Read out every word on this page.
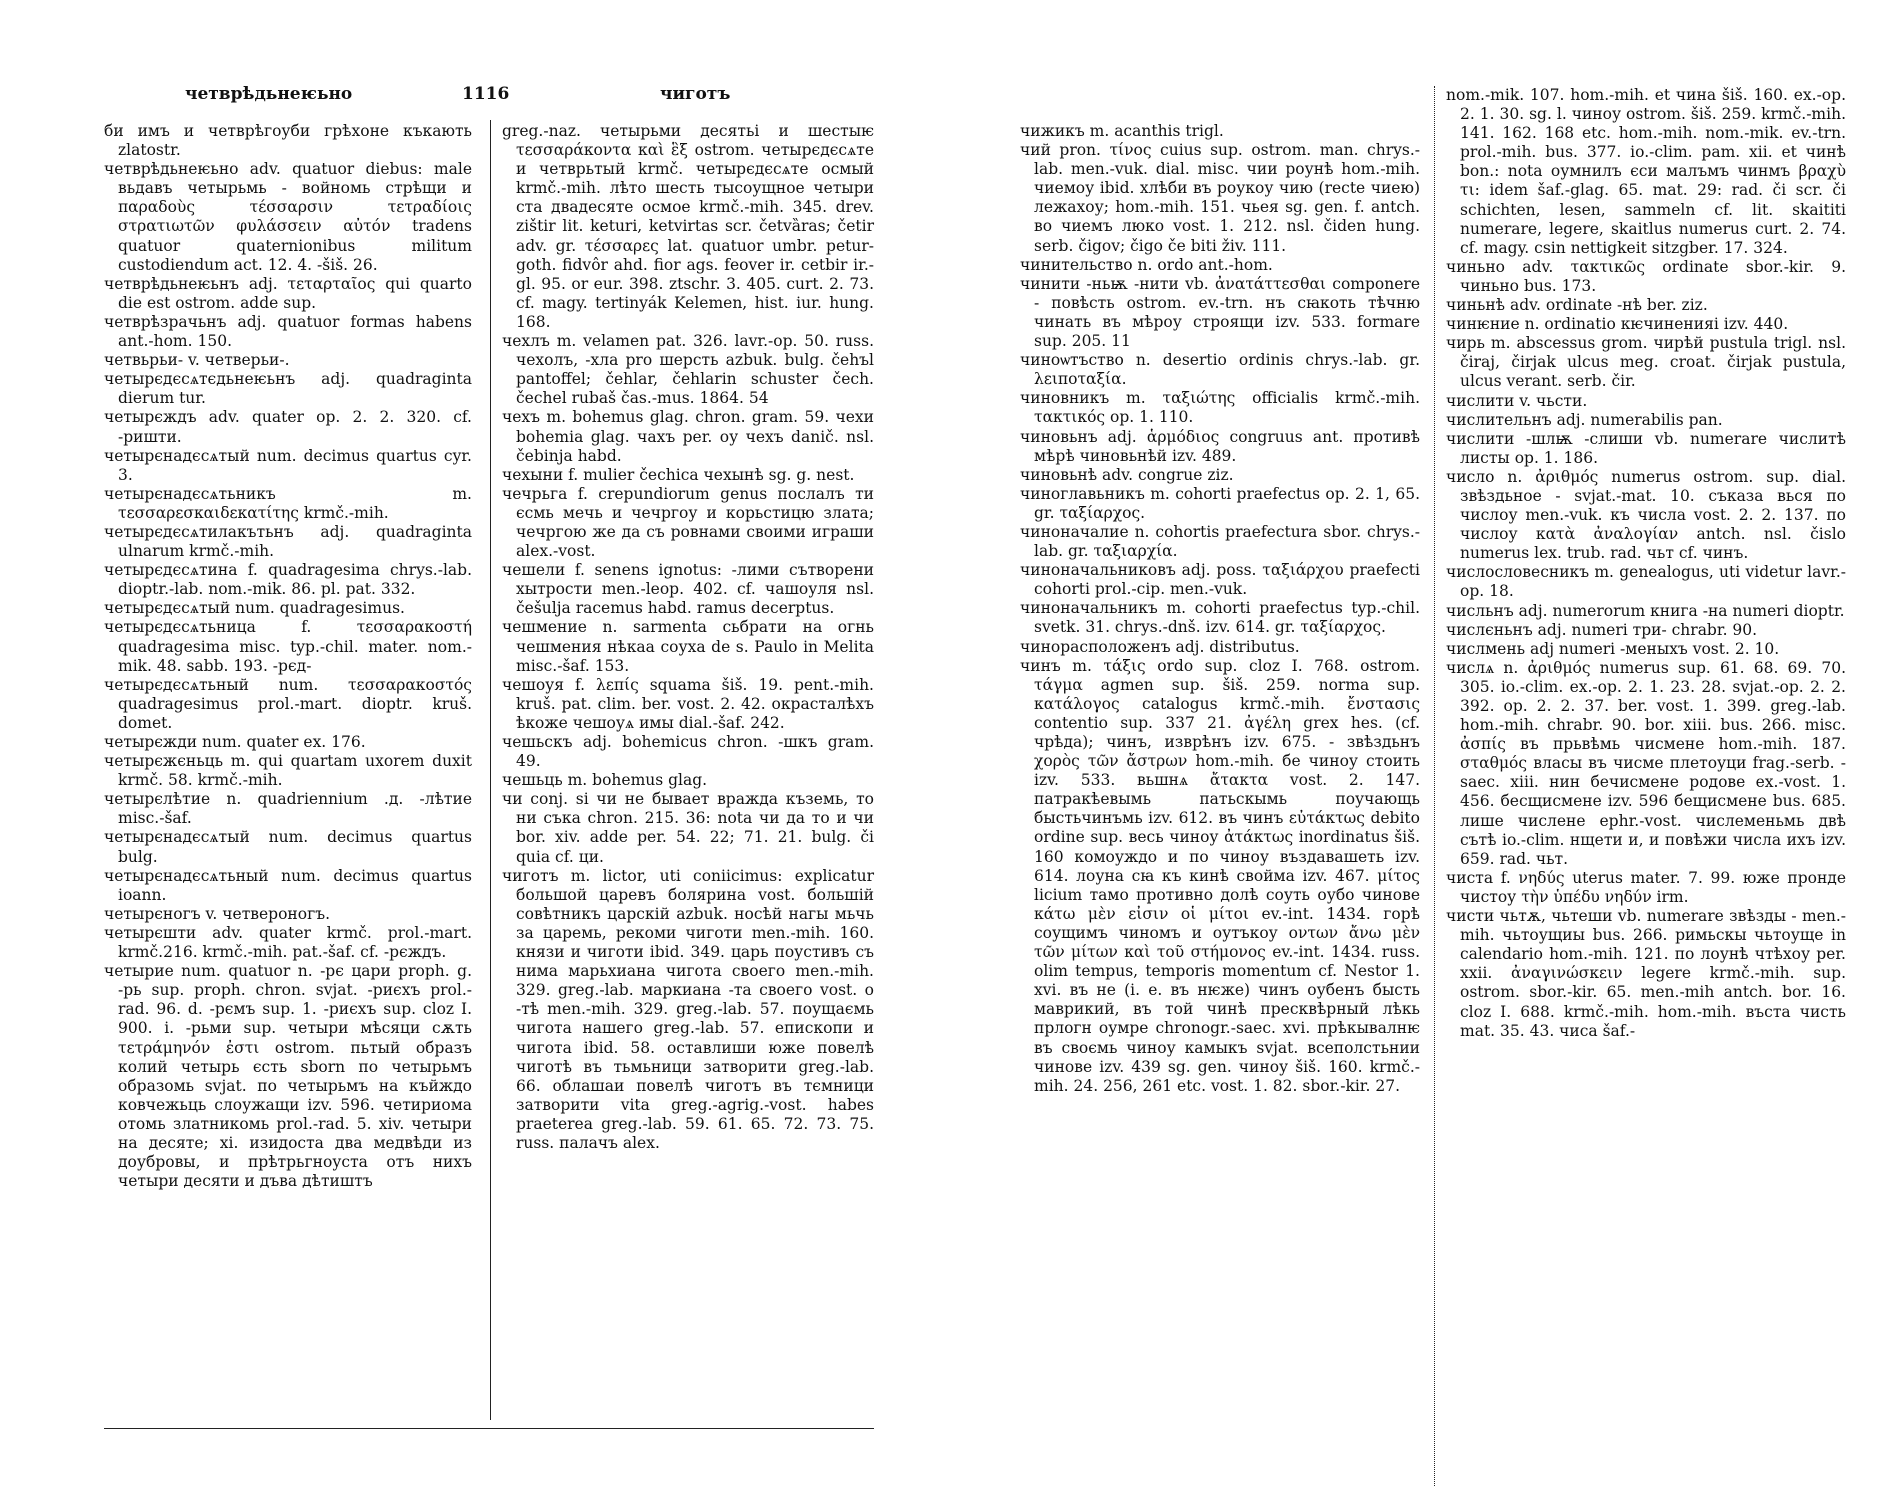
четврѣдьнеѥьно	1116	чиготъ
би имъ и четврѣгоуби грѣхоне къкають zlatostr.
четврѣдьнеѥьно adv. quatuor diebus: male вьдавъ четырьмь - войномь стрѣщи и παραδοὺς τέσσαρσιν τετραδίοις στρατιωτῶν φυλάσσειν αὐτόν tradens quatuor quaternionibus militum custodiendum act. 12. 4. -šiš. 26.
четврѣдьнеѥьнъ adj. τεταρταῖος qui quarto die est ostrom. adde sup.
четврѣзрачьнъ adj. quatuor formas habens ant.-hom. 150.
четвьрьи- v. четверьи-.
четырєдєсѧтєдьнеѥьнъ adj. quadraginta dierum tur.
четырєждъ adv. quater op. 2. 2. 320. cf. -ришти.
четырєнадєсѧтый num. decimus quartus cyr. 3.
четырєнадєсѧтьникъ m. τεσσαρεσκαιδεκατίτης krmč.-mih.
четырєдєсѧтилакътьнъ adj. quadraginta ulnarum krmč.-mih.
четырєдєсѧтина f. quadragesima chrys.-lab. dioptr.-lab. nom.-mik. 86. pl. pat. 332.
четырєдєсѧтый num. quadragesimus.
четырєдєсѧтьница f. τεσσαρακοστή quadragesima misc. typ.-chil. mater. nom.-mik. 48. sabb. 193. -рєд-
четырєдєсѧтьный num. τεσσαρακοστός quadragesimus prol.-mart. dioptr. kruš. domet.
четырєжди num. quater ex. 176.
четырєжєньць m. qui quartam uxorem duxit krmč. 58. krmč.-mih.
четырєлѣтие n. quadriennium .д. -лѣтие misc.-šaf.
четырєнадєсѧтый num. decimus quartus bulg.
четырєнадєсѧтьный num. decimus quartus ioann.
четырєногъ v. четвероногъ.
четырєшти adv. quater krmč. prol.-mart. krmč.216. krmč.-mih. pat.-šaf. cf. -рєждъ.
четырие num. quatuor n. -рє цари proph. g. -рь sup. proph. chron. svjat. -риєхъ prol.-rad. 96. d. -рємъ sup. 1. -риєхъ sup. cloz I. 900. i. -рьми sup. четыри мѣсяци сѫть τετράμηνόν ἐστι ostrom. пьтый образъ колий четырь єсть sborn по четырьмъ образомь svjat. по четырьмъ на къйждо ковчежьць слоужащи izv. 596. четириома отомь златникомь prol.-rad. 5. xiv. четыри на десяте; xi. изидоста два медвѣди из доубровы, и прѣтрьгноуста отъ нихъ четыри десяти и дъва дѣтиштъ
greg.-naz. четырьми десятьі и шестыѥ τεσσαράκοντα καὶ ἓξ ostrom. четырєдєсѧте и четврьтый krmč. четырєдєсѧте осмый krmč.-mih. лѣто шесть тысоущное четыри ста двадесяте осмое krmč.-mih. 345. drev. zištir lit. keturi, ketvirtas scr. četvȁras; četir adv. gr. τέσσαρες lat. quatuor umbr. peturgoth. fidvôr ahd. fior ags. feover ir. cetbir ir.-gl. 95. or eur. 398. ztschr. 3. 405. curt. 2. 73. cf. magy. tertinyák Kelemen, hist. iur. hung. 168.
чехлъ m. velamen pat. 326. lavr.-op. 50. russ. чехолъ, -хла pro шерсть azbuk. bulg. čehъl pantoffel; čehlar, čehlarin schuster čech. čechel rubaš čas.-mus. 1864. 54
чехъ m. bohemus glag. chron. gram. 59. чехи bohemia glag. чахъ per. оу чехъ danič. nsl. čebinja habd.
чехыни f. mulier čechica чехынѣ sg. g. nest.
чечрьга f. crepundiorum genus послалъ ти єсмь мечь и чечргоу и корьстицю злата; чечргою же да съ ровнами своими играши alex.-vost.
чешели f. senens ignotus: -лими сътворени хытрости men.-leop. 402. cf. чашоуля nsl. češulja racemus habd. ramus decerptus.
чешмение n. sarmenta сьбрати на огнь чешмения нѣкаа соуха de s. Paulo in Melita misc.-šaf. 153.
чешоуя f. λεπίς squama šiš. 19. pent.-mih. kruš. pat. clim. ber. vost. 2. 42. окрасталѣхъ ѣкоже чешоуѧ имы dial.-šaf. 242.
чешьскъ adj. bohemicus chron. -шкъ gram. 49.
чешьць m. bohemus glag.
чи conj. si чи не бывает вражда къземь, то ни съка chron. 215. 36: nota чи да то и чи bor. xiv. adde per. 54. 22; 71. 21. bulg. či quia cf. ци.
чиготъ m. lictor, uti coniicimus: explicatur большой царевъ болярина vost. большій совѣтникъ царскій azbuk. носѣй нагы мьчь за царемь, рекоми чиготи men.-mih. 160. князи и чиготи ibid. 349. царь поустивъ съ нима марьхиана чигота своего men.-mih. 329. greg.-lab. маркиана -та своего vost. о -тѣ men.-mih. 329. greg.-lab. 57. поущаємь чигота нашего greg.-lab. 57. епископи и чигота ibid. 58. оставлиши юже повелѣ чиготѣ въ тьмьници затворити greg.-lab. 66. облашаи повелѣ чиготъ въ тємници затворити vita greg.-agrig.-vost. habes praeterea greg.-lab. 59. 61. 65. 72. 73. 75. russ. палачъ alex.
чижикъ m. acanthis trigl.
чий pron. τίνος cuius sup. ostrom. man. chrys.-lab. men.-vuk. dial. misc. чии роунѣ hom.-mih. чиемоу ibid. хлѣби въ роукоу чию (recte чиею) лежахоу; hom.-mih. 151. чьея sg. gen. f. antch. во чиемъ люко vost. 1. 212. nsl. čiden hung. serb. čigov; čigo če biti živ. 111.
чинительство n. ordo ant.-hom.
чинити -ньѭ -нити vb. ἀνατάττεσθαι componere - повѣсть ostrom. ev.-trn. нъ сꙗкоть тѣчню чинать въ мѣроу строящи izv. 533. formare sup. 205. 11
чиноѡтъство n. desertio ordinis chrys.-lab. gr. λειποταξία.
чиновникъ m. ταξιώτης officialis krmč.-mih. τακτικός op. 1. 110.
чиновьнъ adj. ἁρμόδιος congruus ant. противѣ мѣрѣ чиновьнѣй izv. 489.
чиновьнѣ adv. congrue ziz.
чиноглавьникъ m. cohorti praefectus op. 2. 1, 65. gr. ταξίαρχος.
чиноначалие n. cohortis praefectura sbor. chrys.-lab. gr. ταξιαρχία.
чиноначальниковъ adj. poss. ταξιάρχου praefecti cohorti prol.-cip. men.-vuk.
чиноначальникъ m. cohorti praefectus typ.-chil. svetk. 31. chrys.-dnš. izv. 614. gr. ταξίαρχος.
чинорасположенъ adj. distributus.
чинъ m. τάξις ordo sup. cloz I. 768. ostrom. τάγμα agmen sup. šiš. 259. norma sup. κατάλογος catalogus krmč.-mih. ἔνστασις contentio sup. 337 21. ἀγέλη grex hes. (cf. чрѣда); чинъ, изврѣнъ izv. 675. - звѣздьнъ χορὸς τῶν ἄστρων hom.-mih. бе чиноу стоить izv. 533. вьшнѧ ἄτακτα vost. 2. 147. патракѣевымь патьскымь поучающь быстьчинъмь izv. 612. въ чинъ εὐτάκτως debito ordine sup. весь чиноу ἀτάκτως inordinatus šiš. 160 комоуждо и по чиноу въздавашеть izv. 614. лоуна сꙗ къ кинѣ свойма izv. 467. μίτος licium тамо противно долѣ соуть оубо чинове κάτω μὲν εἰσιν οἱ μίτοι ev.-int. 1434. горѣ соущимъ чиномъ и оутъкоу οντων ἄνω μὲν τῶν μίτων καὶ τοῦ στήμονος ev.-int. 1434. russ. olim tempus, temporis momentum cf. Nestor 1. xvi. въ не (i. e. въ нѥже) чинъ оубенъ бысть маврикий, въ той чинѣ пресквѣрный лѣкь прлогн оумре chronogr.-saec. xvi. прѣкывалнѥ въ своємь чиноу камыкъ svjat. всеполстьнии чинове izv. 439 sg. gen. чиноу šiš. 160. krmč.-mih. 24. 256, 261 etc. vost. 1. 82. sbor.-kir. 27.
nom.-mik. 107. hom.-mih. et чина šiš. 160. ex.-op. 2. 1. 30. sg. l. чиноу ostrom. šiš. 259. krmč.-mih. 141. 162. 168 etc. hom.-mih. nom.-mik. ev.-trn. prol.-mih. bus. 377. io.-clim. pam. xii. et чинѣ bon.: nota оумнилъ єси малъмъ чинмъ βραχὺ τι: idem šaf.-glag. 65. mat. 29: rad. či scr. či schichten, lesen, sammeln cf. lit. skaititi numerare, legere, skaitlus numerus curt. 2. 74. cf. magy. csin nettigkeit sitzgber. 17. 324.
чиньно adv. τακτικῶς ordinate sbor.-kir. 9. чиньно bus. 173.
чиньнѣ adv. ordinate -нѣ ber. ziz.
чинѥние n. ordinatio кѥчиненияi izv. 440.
чирь m. abscessus grom. чирѣй pustula trigl. nsl. čiraj, čirjak ulcus meg. croat. čirjak pustula, ulcus verant. serb. čir.
числити v. чьсти.
числительнъ adj. numerabilis pan.
числити -шлѭ -слиши vb. numerare числитѣ листы op. 1. 186.
число n. ἀριθμός numerus ostrom. sup. dial. звѣздьное - svjat.-mat. 10. съказа вься по числоу men.-vuk. къ числа vost. 2. 2. 137. по числоу κατὰ ἀναλογίαν antch. nsl. čislo numerus lex. trub. rad. чьт cf. чинъ.
числословесникъ m. genealogus, uti videtur lavr.-op. 18.
числьнъ adj. numerorum книга -на numeri dioptr.
числєньнъ adj. numeri три- chrabr. 90.
числмень adj numeri -меныхъ vost. 2. 10.
числѧ n. ἀριθμός numerus sup. 61. 68. 69. 70. 305. io.-clim. ex.-op. 2. 1. 23. 28. svjat.-op. 2. 2. 392. op. 2. 2. 37. ber. vost. 1. 399. greg.-lab. hom.-mih. chrabr. 90. bor. xiii. bus. 266. misc. ἀσπίς въ прьвѣмь чисмене hom.-mih. 187. σταθμός власы въ чисме плетоуци frag.-serb. -saec. xiii. нин бечисмене родове ex.-vost. 1. 456. бесщисмене izv. 596 бещисмене bus. 685. лише числене ephr.-vost. числеменьмь двѣ сътѣ io.-clim. нщети и, и повѣжи числа ихъ izv. 659. rad. чьт.
чиста f. νηδύς uterus mater. 7. 99. юже пронде чистоу τὴν ὑπέδυ νηδύν irm.
чисти чьтѫ, чьтеши vb. numerare звѣзды - men.-mih. чьтоущиы bus. 266. римьскы чьтоуще in calendario hom.-mih. 121. по лоунѣ чтѣхоу per. xxii. ἀναγινώσκειν legere krmč.-mih. sup. ostrom. sbor.-kir. 65. men.-mih antch. bor. 16. cloz I. 688. krmč.-mih. hom.-mih. въста чисть mat. 35. 43. чиса šaf.-
